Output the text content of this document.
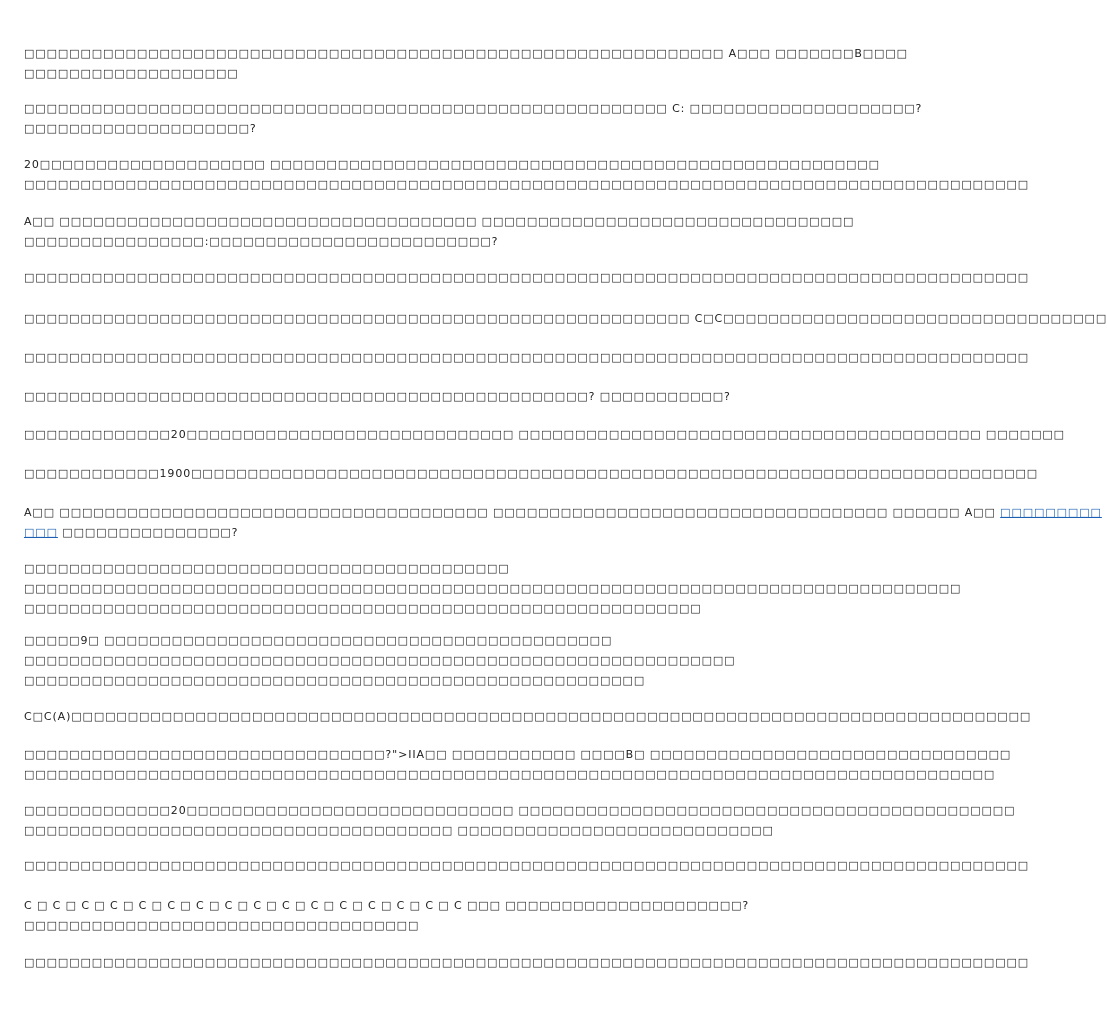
□□□□□□□□□□□□□□□□□□□□□□□□□□□□□□□□□□□□□□□□□□□□□□□□□□□□□□□□□□□□□□ A□□□ □□□□□□□B□□□□
□□□□□□□□□□□□□□□□□□□
□□□□□□□□□□□□□□□□□□□□□□□□□□□□□□□□□□□□□□□□□□□□□□□□□□□□□□□□□ C: □□□□□□□□□□□□□□□□□□□□?
□□□□□□□□□□□□□□□□□□□□?
20□□□□□□□□□□□□□□□□□□□□ □□□□□□□□□□□□□□□□□□□□□□□□□□□□□□□□□□□□□□□□□□□□□□□□□□□□□□
□□□□□□□□□□□□□□□□□□□□□□□□□□□□□□□□□□□□□□□□□□□□□□□□□□□□□□□□□□□□□□□□□□□□□□□□□□□□□□□□□□□□□□□□□
A□□ □□□□□□□□□□□□□□□□□□□□□□□□□□□□□□□□□□□□□ □□□□□□□□□□□□□□□□□□□□□□□□□□□□□□□□□
□□□□□□□□□□□□□□□□:□□□□□□□□□□□□□□□□□□□□□□□□□?
□□□□□□□□□□□□□□□□□□□□□□□□□□□□□□□□□□□□□□□□□□□□□□□□□□□□□□□□□□□□□□□□□□□□□□□□□□□□□□□□□□□□□□□□□
□□□□□□□□□□□□□□□□□□□□□□□□□□□□□□□□□□□□□□□□□□□□□□□□□□□□□□□□□□□ C□C□□□□□□□□□□□□□□□□□□□□□□□□□□□□□□□□□□
□□□□□□□□□□□□□□□□□□□□□□□□□□□□□□□□□□□□□□□□□□□□□□□□□□□□□□□□□□□□□□□□□□□□□□□□□□□□□□□□□□□□□□□□□
□□□□□□□□□□□□□□□□□□□□□□□□□□□□□□□□□□□□□□□□□□□□□□□□□□? □□□□□□□□□□□?
□□□□□□□□□□□□□20□□□□□□□□□□□□□□□□□□□□□□□□□□□□□ □□□□□□□□□□□□□□□□□□□□□□□□□□□□□□□□□□□□□□□□□ □□□□□□□
□□□□□□□□□□□□1900□□□□□□□□□□□□□□□□□□□□□□□□□□□□□□□□□□□□□□□□□□□□□□□□□□□□□□□□□□□□□□□□□□□□□□□□□□□
A□□ □□□□□□□□□□□□□□□□□□□□□□□□□□□□□□□□□□□□□□ □□□□□□□□□□□□□□□□□□□□□□□□□□□□□□□□□□□ □□□□□□ A□□ □□□□□□□□□
□□□ □□□□□□□□□□□□□□□?
□□□□□□□□□□□□□□□□□□□□□□□□□□□□□□□□□□□□□□□□□□□
□□□□□□□□□□□□□□□□□□□□□□□□□□□□□□□□□□□□□□□□□□□□□□□□□□□□□□□□□□□□□□□□□□□□□□□□□□□□□□□□□□□
□□□□□□□□□□□□□□□□□□□□□□□□□□□□□□□□□□□□□□□□□□□□□□□□□□□□□□□□□□□□
□□□□□9□ □□□□□□□□□□□□□□□□□□□□□□□□□□□□□□□□□□□□□□□□□□□□□
□□□□□□□□□□□□□□□□□□□□□□□□□□□□□□□□□□□□□□□□□□□□□□□□□□□□□□□□□□□□□□□
□□□□□□□□□□□□□□□□□□□□□□□□□□□□□□□□□□□□□□□□□□□□□□□□□□□□□□□
C□C(A)□□□□□□□□□□□□□□□□□□□□□□□□□□□□□□□□□□□□□□□□□□□□□□□□□□□□□□□□□□□□□□□□□□□□□□□□□□□□□□□□□□□□□
□□□□□□□□□□□□□□□□□□□□□□□□□□□□□□□□?">IIA□□ □□□□□□□□□□□ □□□□B□ □□□□□□□□□□□□□□□□□□□□□□□□□□□□□□□□
□□□□□□□□□□□□□□□□□□□□□□□□□□□□□□□□□□□□□□□□□□□□□□□□□□□□□□□□□□□□□□□□□□□□□□□□□□□□□□□□□□□□□□
□□□□□□□□□□□□□20□□□□□□□□□□□□□□□□□□□□□□□□□□□□□ □□□□□□□□□□□□□□□□□□□□□□□□□□□□□□□□□□□□□□□□□□□□
□□□□□□□□□□□□□□□□□□□□□□□□□□□□□□□□□□□□□□ □□□□□□□□□□□□□□□□□□□□□□□□□□□□
□□□□□□□□□□□□□□□□□□□□□□□□□□□□□□□□□□□□□□□□□□□□□□□□□□□□□□□□□□□□□□□□□□□□□□□□□□□□□□□□□□□□□□□□□
C □ C □ C □ C □ C □ C □ C □ C □ C □ C □ C □ C □ C □ C □ C □ C □□□ □□□□□□□□□□□□□□□□□□□□□?
□□□□□□□□□□□□□□□□□□□□□□□□□□□□□□□□□□□
□□□□□□□□□□□□□□□□□□□□□□□□□□□□□□□□□□□□□□□□□□□□□□□□□□□□□□□□□□□□□□□□□□□□□□□□□□□□□□□□□□□□□□□□□
